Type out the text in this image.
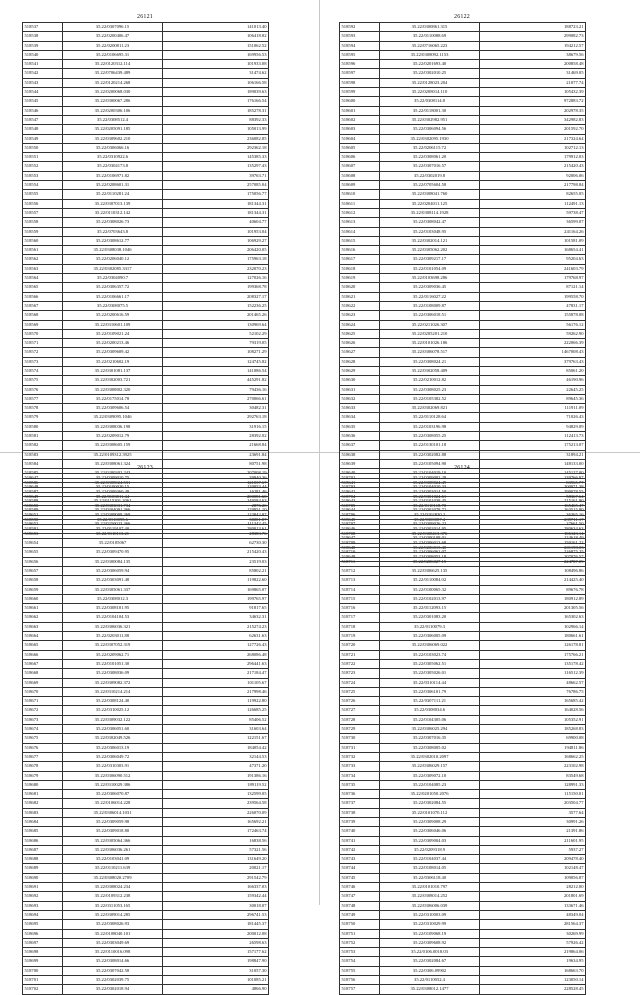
26121
518537	35.22/0307096.15	141013.40
518538	35.22/0200406.47	106418.82
518539	35.22/0200811.23	151062.52
518540	35.22/0106695.31	169956.53
518541	35.22/0120312.114	101933.08
518542	35.22/0706439.489	31474.62
518543	35.22/0120214.268	106166.58
518544	35.22/0200068.030	189039.63
518545	35.22/0300067.286	176166.54
518546	35.22/0200306.106	185278.31
518547	35.22/0308512.4	88392.33
518548	35.22/0205091.185	105013.99
518549	35.22/0309602.210	236082.85
518550	35.22/0306066.16	292362.18
518551	35.22/0310922.6	145385.33
518552	35.22/0304173.8	135297.43
518553	35.22/0106971.82	39763.71
518554	35.22/0208601.31	257085.04
518555	35.22/0110281.24	175056.77
518556	35.22/0307013.139	181344.31
518557	35.22/0110312.142	181344.31
518558	35.22/0308026.73	40604.77
518559	35.22/0703643.8	101953.04
518560	35.22/0308612.77	106929.27
518561	35.22/0308038.1046	206420.05
518562	35.22/0206040.12	175963.18
518563	35.22/0302085.3317	232070.23
518564	35.22/0304090.7	127026.16
518565	35.22/0306357.72	199368.78
518566	35.22/0106661.17	208327.17
518567	35.22/0308075.5	152236.25
518568	35.22/0200616.59	201465.26
518569	35.22/0310601.109	130969.64
518570	35.22/0109021.24	52102.29
518571	35.22/0200213.46	79319.05
518572	35.22/0309609.42	108271.29
518573	35.22/0210602.19	124745.82
518574	35.22/0301081.137	141086.54
518575	35.22/0302003.721	445291.82
518576	35.22/0308802.320	79436.16
518577	35.22/0175014.78	270066.61
518578	35.22/0309606.54	30482.31
518579	35.22/0309095.1046	292763.18
518580	35.22/0308036.198	31916.15
518581	35.22/0209012.79	28392.02
518582	35.22/0308605.159	21668.84
518583	35.22/0109312.3925	23691.84
518584	35.22/0308061.324	80751.98
518585	35.22/0200302.243	207008.19
518586	35.22/0308024.531	121037.67
518587	35.22/0309360.49	16281.46
518588	35.22/0115301.2062	149584.63
518589	35.22/0304091.366	129951.10
518590	35.22/0110095.6	30001.87
518591	35.22/0119107.40	280013.61
26122
518592	35.22/0300861.315	188723.21
518593	35.22/0110088.69	299082.73
518594	35.22/0716065.223	194212.57
518595	35.22/0308092.1153	38679.56
518596	35.22/0201693.40	200858.48
518597	35.22/0302010.25	31469.05
518598	35.22/0128023.204	21077.74
518599	35.22/0208014.110	105432.39
518600	35.22/0308114.8	972883.72
518601	35.22/0118001.30	202978.35
518602	35.22/0302982.951	342982.83
518603	35.22/0306094.56	201592.70
518604	35.22/0302095.1930	217324.64
518605	35.22/0206115.72	102712.13
518606	35.22/0308061.20	179912.03
518607	35.22/0307016.57	215420.43
518608	35.22/0302019.8	92006.06
518609	35.22/0705604.58	217798.84
518610	35.22/0308041.760	82655.05
518611	35.22/0204011.125	112491.13
518612	35.22/0308114.1928	59738.47
518613	35.22/0308042.47	36599.07
518614	35.22/0103048.95	241164.26
518615	35.22/0302014.121	101581.09
518616	35.22/0305062.202	168654.41
518617	35.22/0309217.17	95204.63
518618	35.22/0101054.09	241603.79
518619	35.22/0103698.286	179768.97
518620	35.22/0309036.45	87121.14
518621	35.22/0116027.22	199558.70
518622	35.22/0108009.87	47831.17
518623	35.22/0306018.51	155878.08
518624	35.22/0211026.307	56176.12
518625	35.22/0205201.210	59262.90
518626	35.22/0101026.186	222066.39
518627	35.22/0306078.517	1467008.43
518628	35.22/0308024.21	379763.43
518629	35.22/0302058.409	85061.20
518630	35.22/0210012.82	46190.96
518631	35.22/0308025.23	22645.25
518632	35.22/0105382.52	89645.36
518633	35.22/0302069.821	111911.09
518634	35.22/0110128.64	71026.43
518635	35.22/0103196.98	94829.09
518636	35.22/0308055.25	112413.73
518637	35.22/0130101.18	175213.07
518638	35.22/0302082.88	31894.21
518639	35.22/0105094.90	148133.00
518640	35.22/0104019.10	145127.00
518641	35.22/0308024.49	83965.77
518642	35.22/0303014.50	299078.55
518643	35.22/0101038.45	215161.90
518644	35.22/0302078.72	163515.80
518645	35.22/0300087.4	239711.17
518646	35.22/0302014.95	280634.63
518647	35.22/0300108.01	124618.49
518648	35.22/0206013.40	201198.03
518649	35.22/0308053.18	107076.57
26123
518647	35.22/0309010.75	39940.36
518648	35.22/0100020.15	120053.44
518649	35.22/0103011.44	200081.60
518650	35.22/0303031.734	2876.26
518651	35.22/0309009.269	123842.97
518652	35.22/0250023.366	111342.45
518653	35.22/0110113.21	28383.76
518654	35.22/0105067	62730.30
518655	35.22/0309470.95	215420.43
518656	35.22/0300084.135	23519.03
518657	35.22/0306059.94	85802.21
518658	35.22/0303091.48	119822.60
518659	35.22/0305061.337	169865.07
518660	35.22/0308012.3	199765.97
518661	35.22/0308101.95	91817.65
518662	35.22/0104104.53	34632.31
518663	35.22/0306036.321	215274.23
518664	35.22/0203011.88	62631.63
518665	35.22/0307052.319	127726.43
518666	35.22/0209062.71	268086.48
518667	35.22/0101051.30	296441.63
518668	35.22/0308036.09	217184.47
518669	35.22/0309082.372	101105.67
518670	35.22/0310214.214	217998.46
518671	35.22/0308124.40	119922.80
518672	35.22/0310025.12	126685.25
518673	35.22/0309032.122	85406.52
518674	35.22/0306051.60	31603.64
518675	35.22/0302049.526	122151.67
518676	35.22/0306013.19	184054.42
518677	35.22/0306049.72	32144.53
518678	35.22/0310303.91	47371.20
518679	35.22/0306090.512	191386.16
518680	35.22/0310029.386	189119.52
518681	35.22/0306070.87	132599.05
518682	35.22/0106014.228	239564.58
518683	35.22/0306014.1031	226070.09
518684	35.22/0309059.98	165692.21
518685	35.22/0309018.80	172463.74
518686	35.22/0305064.366	16838.56
518687	35.22/0306036.261	57321.56
518688	35.22/0103041.09	131649.20
518689	35.22/0110211.639	20021.17
518690	35.22/0308020.2709	291542.79
518691	35.22/0308024.234	166337.03
518692	35.22/0109312.238	159342.44
518693	35.22/0311053.165	30018.07
518694	35.22/0309014.285	296741.53
518695	35.22/0308026.93	181445.37
518696	35.22/0108040.101	200012.08
518697	35.22/0303049.69	26598.63
518698	35.22/0110016.098	157177.62
518699	35.22/0308014.66	198847.90
518700	35.22/0307042.58	31057.30
518701	35.22/0302039.75	101085.21
518702	35.22/0302018.94	4866.90
26124
518702	35.22/0309002.29	139766.97
518703	35.22/0104010.33	200071.38
518704	35.22/0301024.61	58367.64
518705	35.22/0110118.70	165465.47
518706	35.22/0102830.2	36365.16
518707	35.22/0309026.22	27661.50
518708	35.22/0308413.376	106123.14
518709	35.22/0306013.68	159161.22
518710	35.22/0306062.07	226875.25
518711	35.22/0206027.15	224787.09
518712	35.22/0306625.135	108496.86
518713	35.22/0110084.02	214425.40
518714	35.22/0100065.32	89676.78
518715	35.22/0102013.97	180912.89
518716	35.22/0112093.15	201305.56
518717	35.22/0301083.20	165302.63
518718	35.22/0110079.3	102966.14
518719	35.22/0306005.09	180661.61
518720	35.22/0306069.022	126178.81
518721	35.22/0103023.74	175766.21
518722	35.22/0305062.51	135178.42
518723	35.22/0305026.01	116512.39
518724	35.22/0310114.44	48662.57
518725	35.22/0306101.79	76786.75
518726	35.22/0307111.21	165685.42
518727	35.22/0308034.6	164028.56
518728	35.22/0104305.06	105352.91
518729	35.22/0306025.294	185268.83
518730	35.22/0307016.35	69900.08
518731	35.22/0308005.02	194811.86
518732	35.22/0302010.2097	168662.25
518733	35.22/0306029.157	223102.98
518734	35.22/0309072.10	83549.68
518735	35.22/0104085.23	128991.33
518736	35.22/0201050.2076	115150.01
518737	35.22/0302084.55	203504.77
518738	35.22/0101070.112	3577.64
518739	35.22/0309008.29	30991.26
518740	35.22/0306046.06	21391.86
518741	35.22/0309004.03	211601.95
518742	35.22/0209318.9	5937.27
518743	35.22/0104037.44	209478.40
518744	35.22/0108014.05	102148.47
518745	35.22/0306118.40	109056.87
518746	35.22/0101010.797	28212.00
518747	35.22/0308014.252	201801.69
518748	35.22/0306006.039	133671.46
518749	35.22/0310003.09	48349.04
518750	35.22/0310029.99	281564.37
518751	35.22/0109068.19	30269.99
518752	35.22/0309608.92	57926.42
518753	35.22/0106.0018.03	219864.06
518754	35.22/0302084.67	19634.95
518755	35.22/0306.09902	168663.70
518756	35.22/0110052.4	123050.14
518757	35.22/0308012.1477	228528.45
